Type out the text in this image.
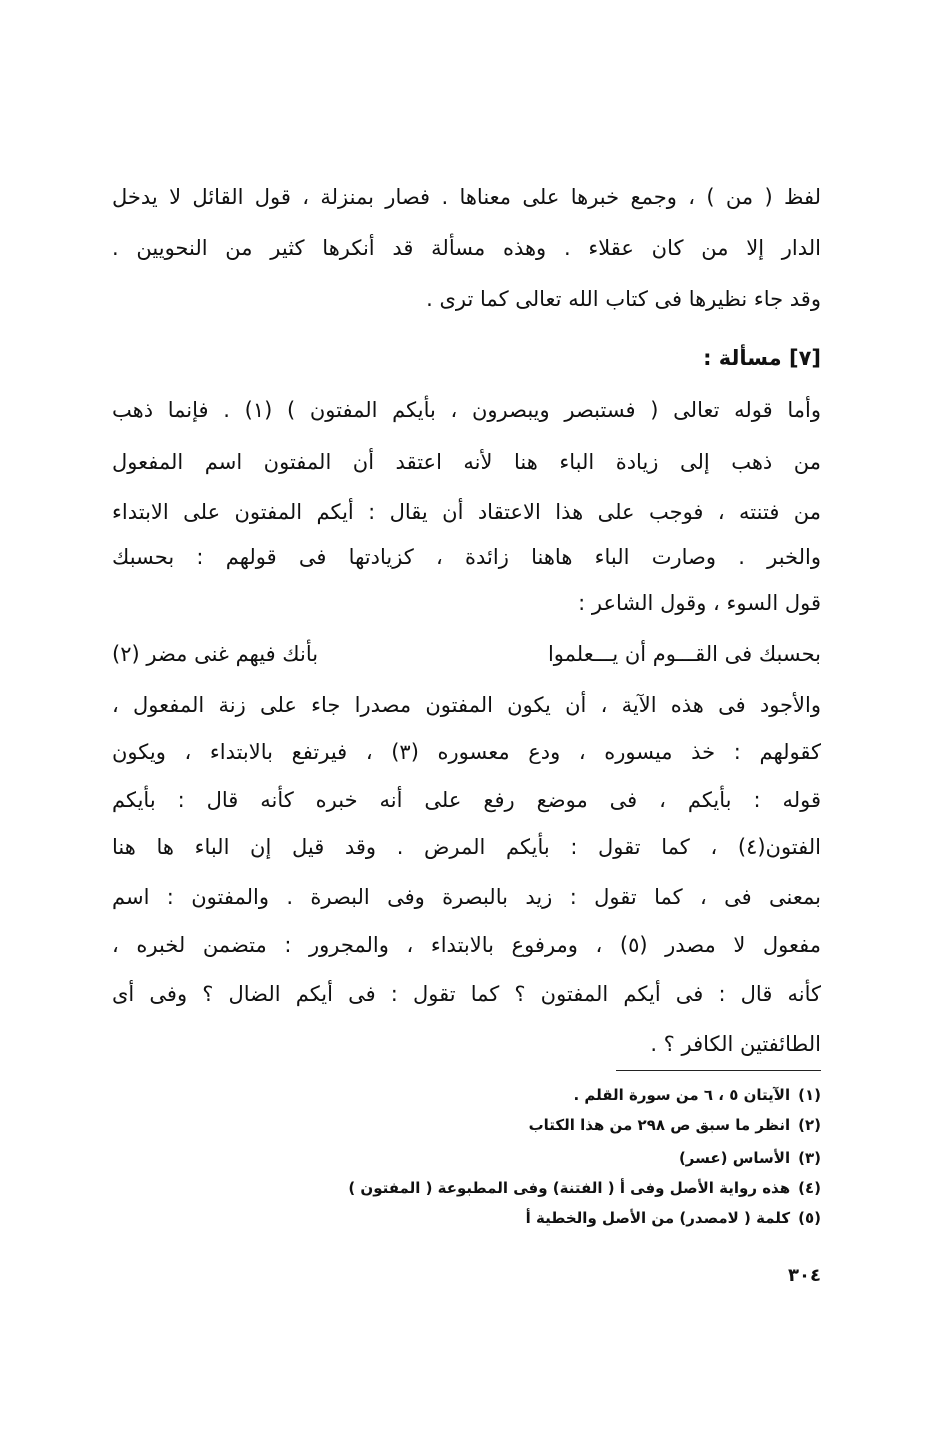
لفظ ( من ) ، وجمع خبرها على معناها . فصار بمنزلة ، قول القائل لا يدخل

الدار إلا من كان عقلاء . وهذه مسألة قد أنكرها كثير من النحويين .

وقد جاء نظيرها فى كتاب الله تعالى كما ترى .

[٧] مسألة :

وأما قوله تعالى ( فستبصر ويبصرون ، بأيكم المفتون ) (١) . فإنما ذهب

من ذهب إلى زيادة الباء هنا لأنه اعتقد أن المفتون اسم المفعول

من فتنته ، فوجب على هذا الاعتقاد أن يقال : أيكم المفتون على الابتداء

والخبر . وصارت الباء هاهنا زائدة ، كزيادتها فى قولهم : بحسبك

قول السوء ، وقول الشاعر :

بحسبك فى القـــوم أن يـــعلموا
بأنك فيهم غنى مضر (٢)

والأجود فى هذه الآية ، أن يكون المفتون مصدرا جاء على زنة المفعول ،

كقولهم : خذ ميسوره ، ودع معسوره (٣) ، فيرتفع بالابتداء ، ويكون

قوله : بأيكم ، فى موضع رفع على أنه خبره كأنه قال : بأيكم

الفتون(٤) ، كما تقول : بأيكم المرض . وقد قيل إن الباء ها هنا

بمعنى فى ، كما تقول : زيد بالبصرة وفى البصرة . والمفتون : اسم

مفعول لا مصدر (٥) ، ومرفوع بالابتداء ، والمجرور : متضمن لخبره ،

كأنه قال : فى أيكم المفتون ؟ كما تقول : فى أيكم الضال ؟ وفى أى

الطائفتين الكافر ؟ .

(١)الآيتان ٥ ، ٦ من سورة القلم .

(٢)انظر ما سبق ص ٢٩٨ من هذا الكتاب

(٣)الأساس (عسر)

(٤)هذه رواية الأصل وفى أ ( الفتنة) وفى المطبوعة ( المفتون )

(٥)كلمة ( لامصدر) من الأصل والخطية أ

٣٠٤
